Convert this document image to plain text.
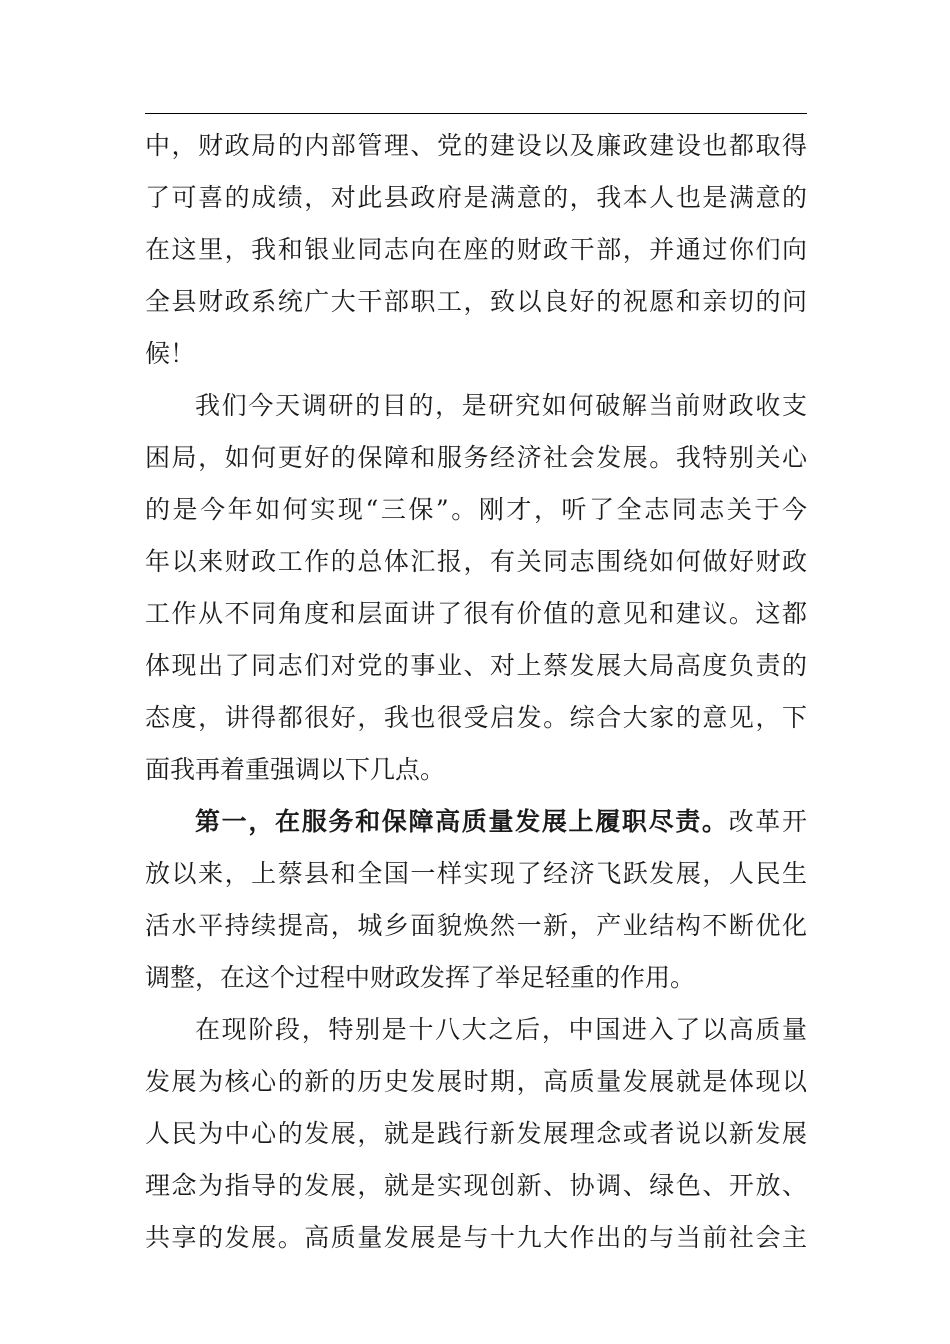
中，财政局的内部管理、党的建设以及廉政建设也都取得
了可喜的成绩，对此县政府是满意的，我本人也是满意的
在这里，我和银业同志向在座的财政干部，并通过你们向
全县财政系统广大干部职工，致以良好的祝愿和亲切的问
候！
我们今天调研的目的，是研究如何破解当前财政收支
困局，如何更好的保障和服务经济社会发展。我特别关心
的是今年如何实现“三保”。刚才，听了全志同志关于今
年以来财政工作的总体汇报，有关同志围绕如何做好财政
工作从不同角度和层面讲了很有价值的意见和建议。这都
体现出了同志们对党的事业、对上蔡发展大局高度负责的
态度，讲得都很好，我也很受启发。综合大家的意见，下
面我再着重强调以下几点。
第一，在服务和保障高质量发展上履职尽责。改革开
放以来，上蔡县和全国一样实现了经济飞跃发展，人民生
活水平持续提高，城乡面貌焕然一新，产业结构不断优化
调整，在这个过程中财政发挥了举足轻重的作用。
在现阶段，特别是十八大之后，中国进入了以高质量
发展为核心的新的历史发展时期，高质量发展就是体现以
人民为中心的发展，就是践行新发展理念或者说以新发展
理念为指导的发展，就是实现创新、协调、绿色、开放、
共享的发展。高质量发展是与十九大作出的与当前社会主
